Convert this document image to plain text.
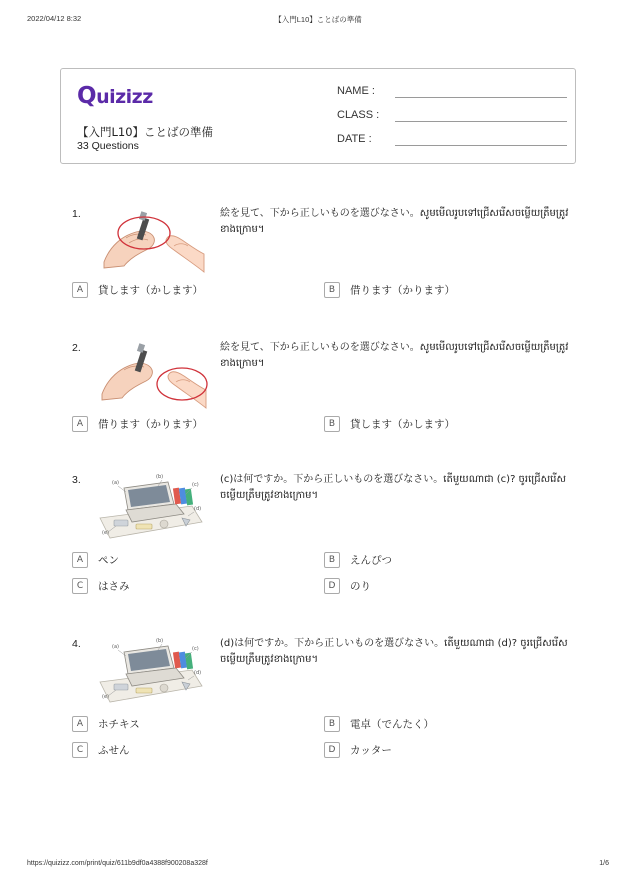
2022/04/12 8:32	【入門L10】ことばの準備
Quizizz
【入門L10】ことばの準備
33 Questions
NAME :
CLASS :
DATE :
1.	絵を見て、下から正しいものを選びなさい。សូមមើលរូបទៅជ្រើសរើសចម្លើយត្រឹមត្រូវខាងក្រោម។
A 貸します（かします）	B 借ります（かります）
2.	絵を見て、下から正しいものを選びなさい。សូមមើលរូបទៅជ្រើសរើសចម្លើយត្រឹមត្រូវខាងក្រោម។
A 借ります（かります）	B 貸します（かします）
3.	(a)
(b)
(c)
(d)
(e)
(c)は何ですか。下から正しいものを選びなさい。តើមួយណាជា (c)? ចូរជ្រើសរើសចម្លើយត្រឹមត្រូវខាងក្រោម។
A ペン	B えんぴつ
C はさみ	D のり
4.	(a)
(b)
(c)
(d)
(e)
(d)は何ですか。下から正しいものを選びなさい。តើមួយណាជា (d)? ចូរជ្រើសរើសចម្លើយត្រឹមត្រូវខាងក្រោម។
A ホチキス	B 電卓（でんたく）
C ふせん	D カッター
https://quizizz.com/print/quiz/611b9df0a4388f900208a328f	1/6
